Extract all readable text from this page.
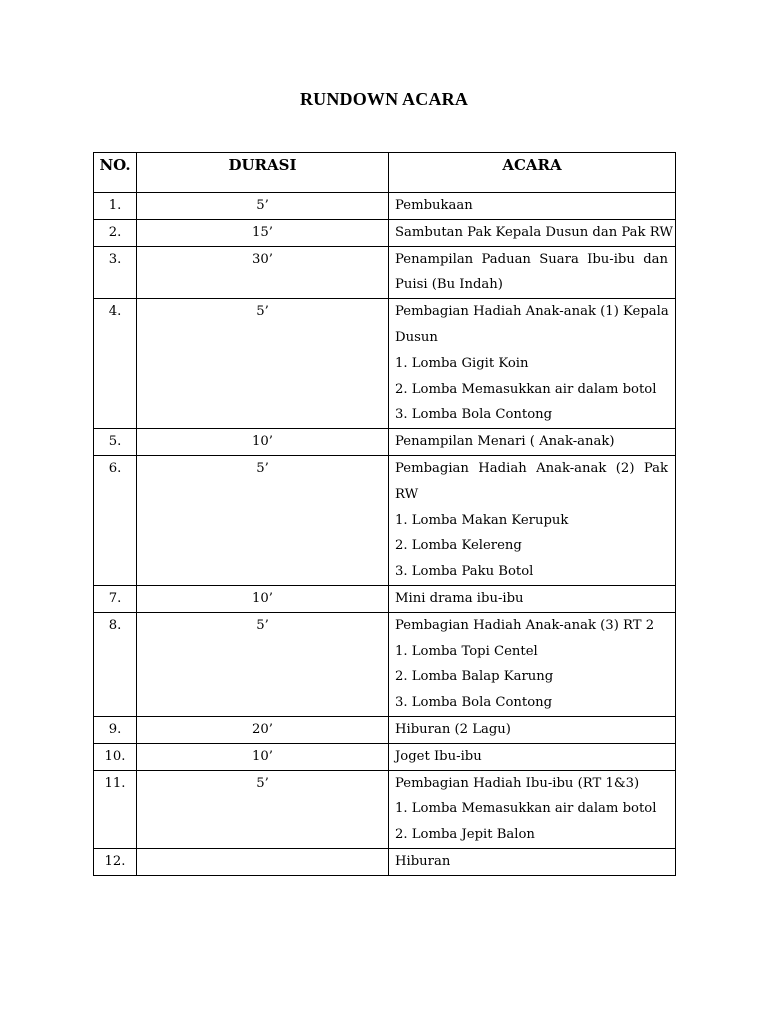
RUNDOWN ACARA
NO.	DURASI	ACARA

1.	5’	Pembukaan

2.	15’	Sambutan Pak Kepala Dusun dan Pak RW

3.	30’	Penampilan Paduan Suara Ibu-ibu dan
Puisi (Bu Indah)

4.	5’	Pembagian Hadiah Anak-anak (1) Kepala
Dusun
1. Lomba Gigit Koin
2. Lomba Memasukkan air dalam botol
3. Lomba Bola Contong

5.	10’	Penampilan Menari ( Anak-anak)

6.	5’	Pembagian Hadiah Anak-anak (2) Pak
RW
1. Lomba Makan Kerupuk
2. Lomba Kelereng
3. Lomba Paku Botol

7.	10’	Mini drama ibu-ibu

8.	5’	Pembagian Hadiah Anak-anak (3) RT 2
1. Lomba Topi Centel
2. Lomba Balap Karung
3. Lomba Bola Contong

9.	20’	Hiburan (2 Lagu)

10.	10’	Joget Ibu-ibu

11.	5’	Pembagian Hadiah Ibu-ibu (RT 1&3)
1. Lomba Memasukkan air dalam botol
2. Lomba Jepit Balon

12.		Hiburan
